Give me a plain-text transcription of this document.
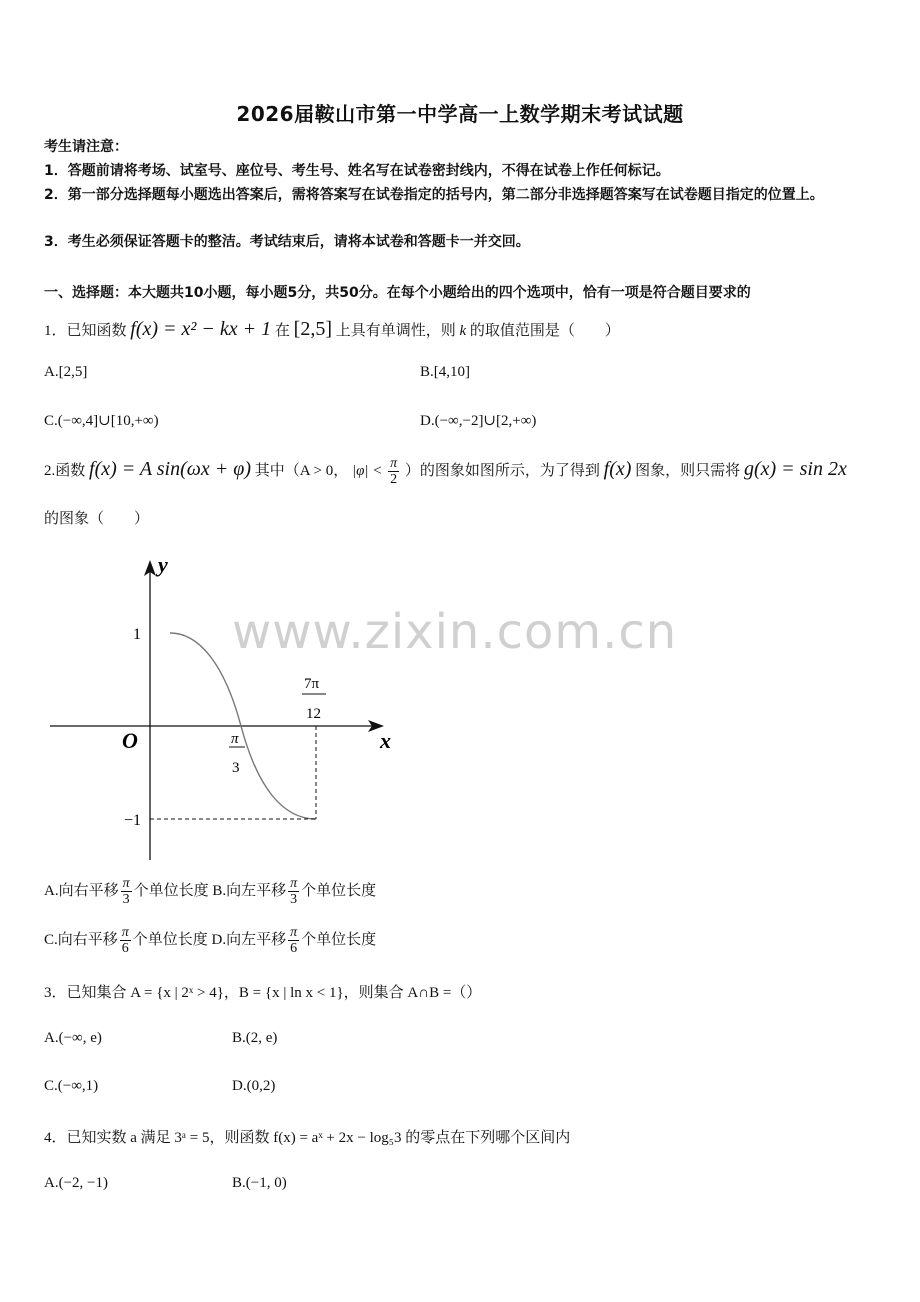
2026届鞍山市第一中学高一上数学期末考试试题
考生请注意：
1．答题前请将考场、试室号、座位号、考生号、姓名写在试卷密封线内，不得在试卷上作任何标记。
2．第一部分选择题每小题选出答案后，需将答案写在试卷指定的括号内，第二部分非选择题答案写在试卷题目指定的位置上。
3．考生必须保证答题卡的整洁。考试结束后，请将本试卷和答题卡一并交回。
一、选择题：本大题共10小题，每小题5分，共50分。在每个小题给出的四个选项中，恰有一项是符合题目要求的
1．已知函数 f(x) = x² − kx + 1 在 [2,5] 上具有单调性，则 k 的取值范围是（　　）
A.[2,5]	B.[4,10]
C.(−∞,4]∪[10,+∞)	D.(−∞,−2]∪[2,+∞)
2.函数 f(x) = A sin(ωx + φ) 其中（A > 0， $|\varphi| < \frac{\pi}{2}$ ）的图象如图所示，为了得到 f(x) 图象，则只需将 g(x) = sin 2x
的图象（　　）
y
x
O
1
−1
π
3
7π
12
www.zixin.com.cn
A.向右平移 $\frac{\pi}{3}$ 个单位长度 B.向左平移 $\frac{\pi}{3}$ 个单位长度
C.向右平移 $\frac{\pi}{6}$ 个单位长度 D.向左平移 $\frac{\pi}{6}$ 个单位长度
3．已知集合 A = {x | 2ˣ > 4}，B = {x | ln x < 1}，则集合 A∩B =（）
A.(−∞, e)	B.(2, e)
C.(−∞,1)	D.(0,2)
4．已知实数 a 满足 3ᵃ = 5，则函数 f(x) = aˣ + 2x − log₅3 的零点在下列哪个区间内
A.(−2, −1)	B.(−1, 0)
